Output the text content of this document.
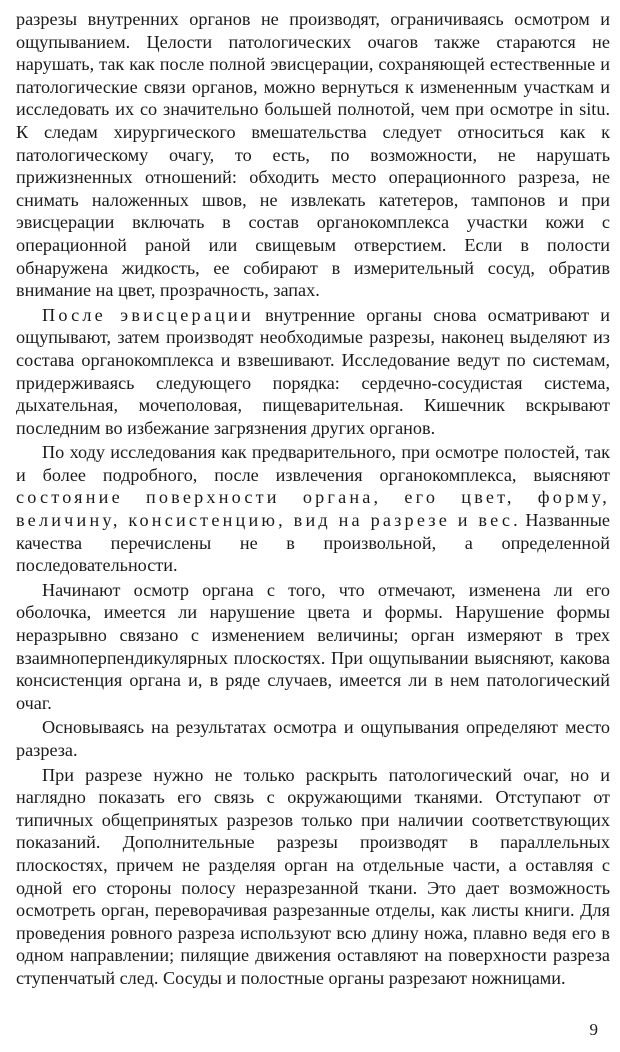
разрезы внутренних органов не производят, ограничиваясь осмотром и ощупыванием. Целости патологических очагов также стараются не нарушать, так как после полной эвисцерации, сохраняющей естественные и патологические связи органов, можно вернуться к измененным участкам и исследовать их со значительно большей полнотой, чем при осмотре in situ. К следам хирургического вмешательства следует относиться как к патологическому очагу, то есть, по возможности, не нарушать прижизненных отношений: обходить место операционного разреза, не снимать наложенных швов, не извлекать катетеров, тампонов и при эвисцерации включать в состав органокомплекса участки кожи с операционной раной или свищевым отверстием. Если в полости обнаружена жидкость, ее собирают в измерительный сосуд, обратив внимание на цвет, прозрачность, запах.

После эвисцерации внутренние органы снова осматривают и ощупывают, затем производят необходимые разрезы, наконец выделяют из состава органокомплекса и взвешивают. Исследование ведут по системам, придерживаясь следующего порядка: сердечно-сосудистая система, дыхательная, мочеполовая, пищеварительная. Кишечник вскрывают последним во избежание загрязнения других органов.

По ходу исследования как предварительного, при осмотре полостей, так и более подробного, после извлечения органокомплекса, выясняют состояние поверхности органа, его цвет, форму, величину, консистенцию, вид на разрезе и вес. Названные качества перечислены не в произвольной, а определенной последовательности.

Начинают осмотр органа с того, что отмечают, изменена ли его оболочка, имеется ли нарушение цвета и формы. Нарушение формы неразрывно связано с изменением величины; орган измеряют в трех взаимноперпендикулярных плоскостях. При ощупывании выясняют, какова консистенция органа и, в ряде случаев, имеется ли в нем патологический очаг.

Основываясь на результатах осмотра и ощупывания определяют место разреза.

При разрезе нужно не только раскрыть патологический очаг, но и наглядно показать его связь с окружающими тканями. Отступают от типичных общепринятых разрезов только при наличии соответствующих показаний. Дополнительные разрезы производят в параллельных плоскостях, причем не разделяя орган на отдельные части, а оставляя с одной его стороны полосу неразрезанной ткани. Это дает возможность осмотреть орган, переворачивая разрезанные отделы, как листы книги. Для проведения ровного разреза используют всю длину ножа, плавно ведя его в одном направлении; пилящие движения оставляют на поверхности разреза ступенчатый след. Сосуды и полостные органы разрезают ножницами.

9
